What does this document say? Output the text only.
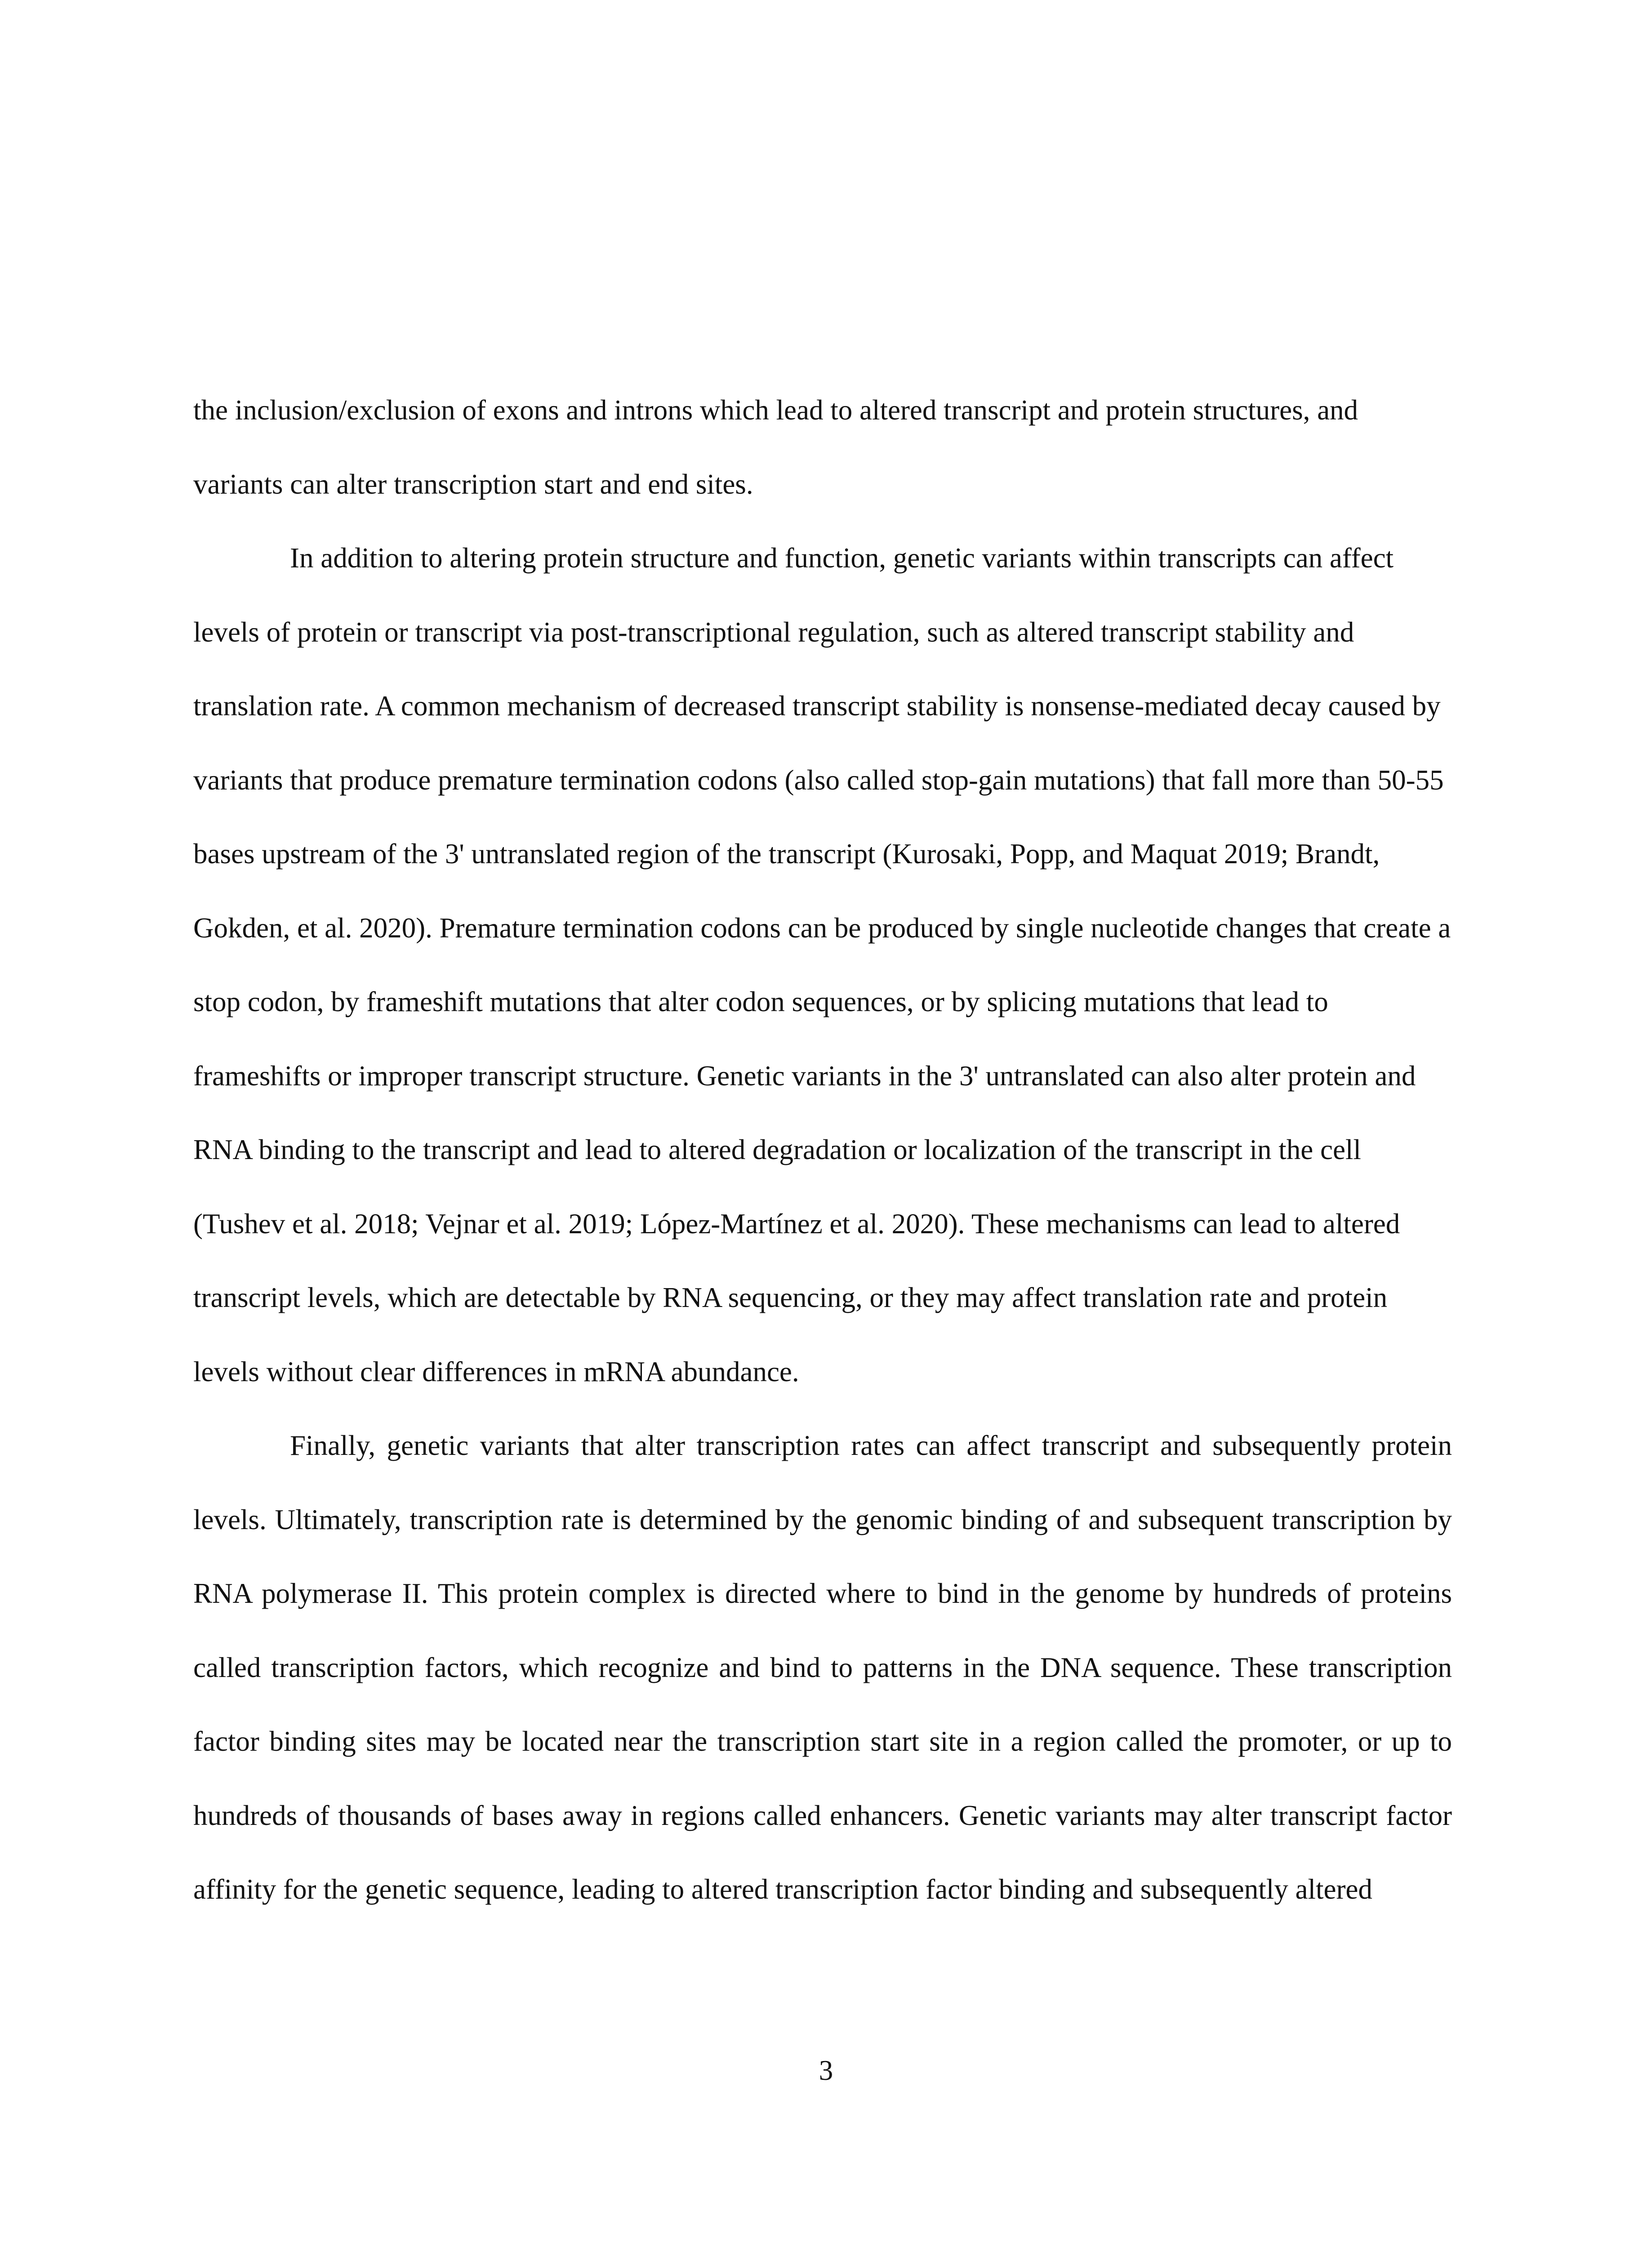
the inclusion/exclusion of exons and introns which lead to altered transcript and protein structures, and variants can alter transcription start and end sites.

In addition to altering protein structure and function, genetic variants within transcripts can affect levels of protein or transcript via post-transcriptional regulation, such as altered transcript stability and translation rate. A common mechanism of decreased transcript stability is nonsense-mediated decay caused by variants that produce premature termination codons (also called stop-gain mutations) that fall more than 50-55 bases upstream of the 3' untranslated region of the transcript (Kurosaki, Popp, and Maquat 2019; Brandt, Gokden, et al. 2020). Premature termination codons can be produced by single nucleotide changes that create a stop codon, by frameshift mutations that alter codon sequences, or by splicing mutations that lead to frameshifts or improper transcript structure. Genetic variants in the 3' untranslated can also alter protein and RNA binding to the transcript and lead to altered degradation or localization of the transcript in the cell (Tushev et al. 2018; Vejnar et al. 2019; López-Martínez et al. 2020). These mechanisms can lead to altered transcript levels, which are detectable by RNA sequencing, or they may affect translation rate and protein levels without clear differences in mRNA abundance.

Finally, genetic variants that alter transcription rates can affect transcript and subsequently protein levels. Ultimately, transcription rate is determined by the genomic binding of and subsequent transcription by RNA polymerase II. This protein complex is directed where to bind in the genome by hundreds of proteins called transcription factors, which recognize and bind to patterns in the DNA sequence. These transcription factor binding sites may be located near the transcription start site in a region called the promoter, or up to hundreds of thousands of bases away in regions called enhancers. Genetic variants may alter transcript factor affinity for the genetic sequence, leading to altered transcription factor binding and subsequently altered

3
